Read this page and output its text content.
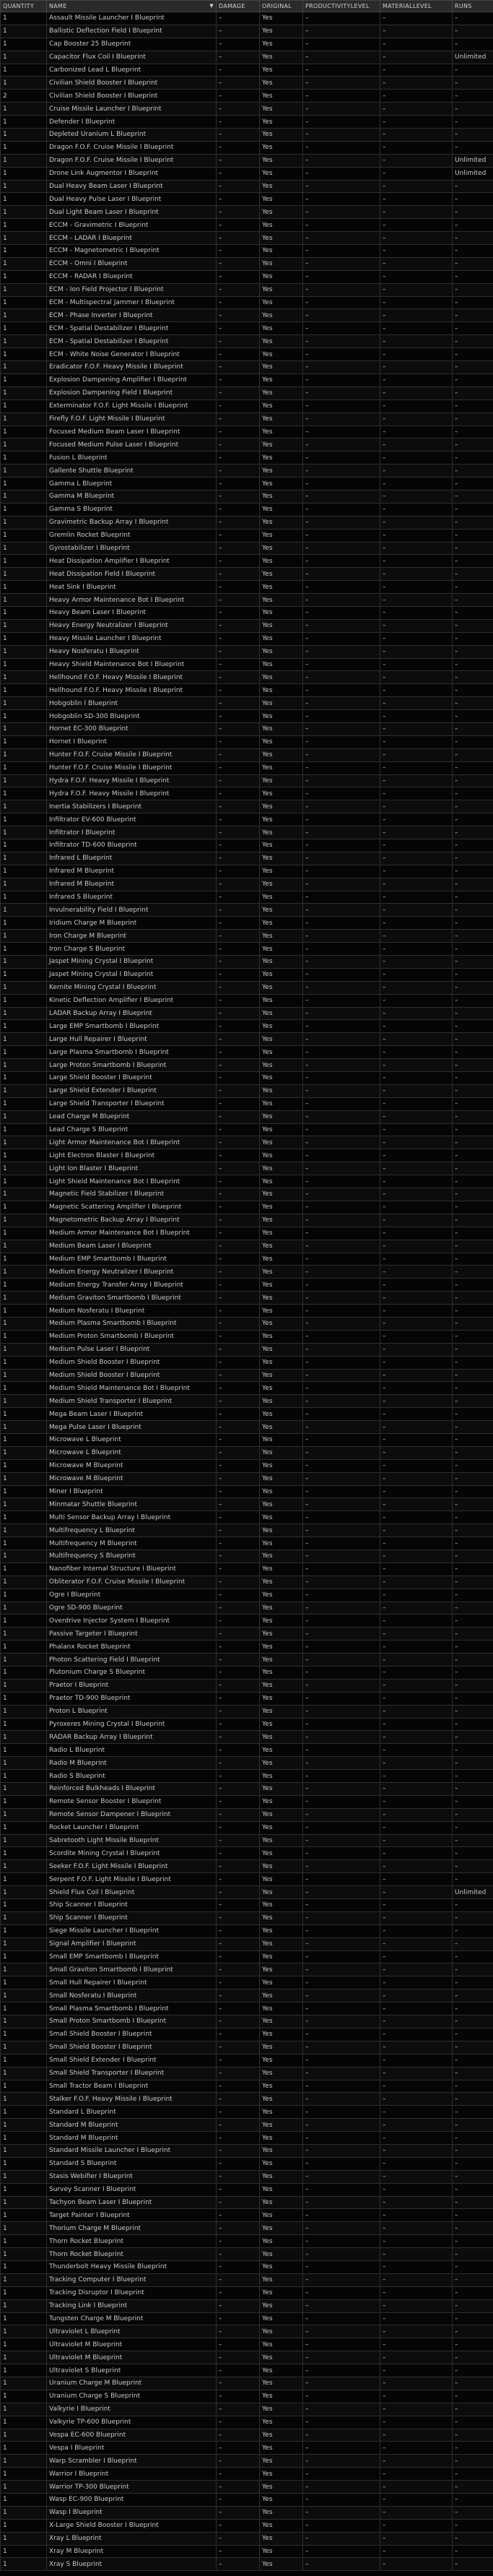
QUANTITY	NAME ▼	DAMAGE	ORIGINAL	PRODUCTIVITYLEVEL	MATERIALLEVEL	RUNS
1	Assault Missile Launcher I Blueprint	–	Yes	–	–	–
1	Ballistic Deflection Field I Blueprint	–	Yes	–	–	–
1	Cap Booster 25 Blueprint	–	Yes	–	–	–
1	Capacitor Flux Coil I Blueprint	–	Yes	–	–	Unlimited
1	Carbonized Lead L Blueprint	–	Yes	–	–	–
1	Civilian Shield Booster I Blueprint	–	Yes	–	–	–
2	Civilian Shield Booster I Blueprint	–	Yes	–	–	–
1	Cruise Missile Launcher I Blueprint	–	Yes	–	–	–
1	Defender I Blueprint	–	Yes	–	–	–
1	Depleted Uranium L Blueprint	–	Yes	–	–	–
1	Dragon F.O.F. Cruise Missile I Blueprint	–	Yes	–	–	–
1	Dragon F.O.F. Cruise Missile I Blueprint	–	Yes	–	–	Unlimited
1	Drone Link Augmentor I Blueprint	–	Yes	–	–	Unlimited
1	Dual Heavy Beam Laser I Blueprint	–	Yes	–	–	–
1	Dual Heavy Pulse Laser I Blueprint	–	Yes	–	–	–
1	Dual Light Beam Laser I Blueprint	–	Yes	–	–	–
1	ECCM - Gravimetric I Blueprint	–	Yes	–	–	–
1	ECCM - LADAR I Blueprint	–	Yes	–	–	–
1	ECCM - Magnetometric I Blueprint	–	Yes	–	–	–
1	ECCM - Omni I Blueprint	–	Yes	–	–	–
1	ECCM - RADAR I Blueprint	–	Yes	–	–	–
1	ECM - Ion Field Projector I Blueprint	–	Yes	–	–	–
1	ECM - Multispectral Jammer I Blueprint	–	Yes	–	–	–
1	ECM - Phase Inverter I Blueprint	–	Yes	–	–	–
1	ECM - Spatial Destabilizer I Blueprint	–	Yes	–	–	–
1	ECM - Spatial Destabilizer I Blueprint	–	Yes	–	–	–
1	ECM - White Noise Generator I Blueprint	–	Yes	–	–	–
1	Eradicator F.O.F. Heavy Missile I Blueprint	–	Yes	–	–	–
1	Explosion Dampening Amplifier I Blueprint	–	Yes	–	–	–
1	Explosion Dampening Field I Blueprint	–	Yes	–	–	–
1	Exterminator F.O.F. Light Missile I Blueprint	–	Yes	–	–	–
1	Firefly F.O.F. Light Missile I Blueprint	–	Yes	–	–	–
1	Focused Medium Beam Laser I Blueprint	–	Yes	–	–	–
1	Focused Medium Pulse Laser I Blueprint	–	Yes	–	–	–
1	Fusion L Blueprint	–	Yes	–	–	–
1	Gallente Shuttle Blueprint	–	Yes	–	–	–
1	Gamma L Blueprint	–	Yes	–	–	–
1	Gamma M Blueprint	–	Yes	–	–	–
1	Gamma S Blueprint	–	Yes	–	–	–
1	Gravimetric Backup Array I Blueprint	–	Yes	–	–	–
1	Gremlin Rocket Blueprint	–	Yes	–	–	–
1	Gyrostabilizer I Blueprint	–	Yes	–	–	–
1	Heat Dissipation Amplifier I Blueprint	–	Yes	–	–	–
1	Heat Dissipation Field I Blueprint	–	Yes	–	–	–
1	Heat Sink I Blueprint	–	Yes	–	–	–
1	Heavy Armor Maintenance Bot I Blueprint	–	Yes	–	–	–
1	Heavy Beam Laser I Blueprint	–	Yes	–	–	–
1	Heavy Energy Neutralizer I Blueprint	–	Yes	–	–	–
1	Heavy Missile Launcher I Blueprint	–	Yes	–	–	–
1	Heavy Nosferatu I Blueprint	–	Yes	–	–	–
1	Heavy Shield Maintenance Bot I Blueprint	–	Yes	–	–	–
1	Hellhound F.O.F. Heavy Missile I Blueprint	–	Yes	–	–	–
1	Hellhound F.O.F. Heavy Missile I Blueprint	–	Yes	–	–	–
1	Hobgoblin I Blueprint	–	Yes	–	–	–
1	Hobgoblin SD-300 Blueprint	–	Yes	–	–	–
1	Hornet EC-300 Blueprint	–	Yes	–	–	–
1	Hornet I Blueprint	–	Yes	–	–	–
1	Hunter F.O.F. Cruise Missile I Blueprint	–	Yes	–	–	–
1	Hunter F.O.F. Cruise Missile I Blueprint	–	Yes	–	–	–
1	Hydra F.O.F. Heavy Missile I Blueprint	–	Yes	–	–	–
1	Hydra F.O.F. Heavy Missile I Blueprint	–	Yes	–	–	–
1	Inertia Stabilizers I Blueprint	–	Yes	–	–	–
1	Infiltrator EV-600 Blueprint	–	Yes	–	–	–
1	Infiltrator I Blueprint	–	Yes	–	–	–
1	Infiltrator TD-600 Blueprint	–	Yes	–	–	–
1	Infrared L Blueprint	–	Yes	–	–	–
1	Infrared M Blueprint	–	Yes	–	–	–
1	Infrared M Blueprint	–	Yes	–	–	–
1	Infrared S Blueprint	–	Yes	–	–	–
1	Invulnerability Field I Blueprint	–	Yes	–	–	–
1	Iridium Charge M Blueprint	–	Yes	–	–	–
1	Iron Charge M Blueprint	–	Yes	–	–	–
1	Iron Charge S Blueprint	–	Yes	–	–	–
1	Jaspet Mining Crystal I Blueprint	–	Yes	–	–	–
1	Jaspet Mining Crystal I Blueprint	–	Yes	–	–	–
1	Kernite Mining Crystal I Blueprint	–	Yes	–	–	–
1	Kinetic Deflection Amplifier I Blueprint	–	Yes	–	–	–
1	LADAR Backup Array I Blueprint	–	Yes	–	–	–
1	Large EMP Smartbomb I Blueprint	–	Yes	–	–	–
1	Large Hull Repairer I Blueprint	–	Yes	–	–	–
1	Large Plasma Smartbomb I Blueprint	–	Yes	–	–	–
1	Large Proton Smartbomb I Blueprint	–	Yes	–	–	–
1	Large Shield Booster I Blueprint	–	Yes	–	–	–
1	Large Shield Extender I Blueprint	–	Yes	–	–	–
1	Large Shield Transporter I Blueprint	–	Yes	–	–	–
1	Lead Charge M Blueprint	–	Yes	–	–	–
1	Lead Charge S Blueprint	–	Yes	–	–	–
1	Light Armor Maintenance Bot I Blueprint	–	Yes	–	–	–
1	Light Electron Blaster I Blueprint	–	Yes	–	–	–
1	Light Ion Blaster I Blueprint	–	Yes	–	–	–
1	Light Shield Maintenance Bot I Blueprint	–	Yes	–	–	–
1	Magnetic Field Stabilizer I Blueprint	–	Yes	–	–	–
1	Magnetic Scattering Amplifier I Blueprint	–	Yes	–	–	–
1	Magnetometric Backup Array I Blueprint	–	Yes	–	–	–
1	Medium Armor Maintenance Bot I Blueprint	–	Yes	–	–	–
1	Medium Beam Laser I Blueprint	–	Yes	–	–	–
1	Medium EMP Smartbomb I Blueprint	–	Yes	–	–	–
1	Medium Energy Neutralizer I Blueprint	–	Yes	–	–	–
1	Medium Energy Transfer Array I Blueprint	–	Yes	–	–	–
1	Medium Graviton Smartbomb I Blueprint	–	Yes	–	–	–
1	Medium Nosferatu I Blueprint	–	Yes	–	–	–
1	Medium Plasma Smartbomb I Blueprint	–	Yes	–	–	–
1	Medium Proton Smartbomb I Blueprint	–	Yes	–	–	–
1	Medium Pulse Laser I Blueprint	–	Yes	–	–	–
1	Medium Shield Booster I Blueprint	–	Yes	–	–	–
1	Medium Shield Booster I Blueprint	–	Yes	–	–	–
1	Medium Shield Maintenance Bot I Blueprint	–	Yes	–	–	–
1	Medium Shield Transporter I Blueprint	–	Yes	–	–	–
1	Mega Beam Laser I Blueprint	–	Yes	–	–	–
1	Mega Pulse Laser I Blueprint	–	Yes	–	–	–
1	Microwave L Blueprint	–	Yes	–	–	–
1	Microwave L Blueprint	–	Yes	–	–	–
1	Microwave M Blueprint	–	Yes	–	–	–
1	Microwave M Blueprint	–	Yes	–	–	–
1	Miner I Blueprint	–	Yes	–	–	–
1	Minmatar Shuttle Blueprint	–	Yes	–	–	–
1	Multi Sensor Backup Array I Blueprint	–	Yes	–	–	–
1	Multifrequency L Blueprint	–	Yes	–	–	–
1	Multifrequency M Blueprint	–	Yes	–	–	–
1	Multifrequency S Blueprint	–	Yes	–	–	–
1	Nanofiber Internal Structure I Blueprint	–	Yes	–	–	–
1	Obliterator F.O.F. Cruise Missile I Blueprint	–	Yes	–	–	–
1	Ogre I Blueprint	–	Yes	–	–	–
1	Ogre SD-900 Blueprint	–	Yes	–	–	–
1	Overdrive Injector System I Blueprint	–	Yes	–	–	–
1	Passive Targeter I Blueprint	–	Yes	–	–	–
1	Phalanx Rocket Blueprint	–	Yes	–	–	–
1	Photon Scattering Field I Blueprint	–	Yes	–	–	–
1	Plutonium Charge S Blueprint	–	Yes	–	–	–
1	Praetor I Blueprint	–	Yes	–	–	–
1	Praetor TD-900 Blueprint	–	Yes	–	–	–
1	Proton L Blueprint	–	Yes	–	–	–
1	Pyroxeres Mining Crystal I Blueprint	–	Yes	–	–	–
1	RADAR Backup Array I Blueprint	–	Yes	–	–	–
1	Radio L Blueprint	–	Yes	–	–	–
1	Radio M Blueprint	–	Yes	–	–	–
1	Radio S Blueprint	–	Yes	–	–	–
1	Reinforced Bulkheads I Blueprint	–	Yes	–	–	–
1	Remote Sensor Booster I Blueprint	–	Yes	–	–	–
1	Remote Sensor Dampener I Blueprint	–	Yes	–	–	–
1	Rocket Launcher I Blueprint	–	Yes	–	–	–
1	Sabretooth Light Missile Blueprint	–	Yes	–	–	–
1	Scordite Mining Crystal I Blueprint	–	Yes	–	–	–
1	Seeker F.O.F. Light Missile I Blueprint	–	Yes	–	–	–
1	Serpent F.O.F. Light Missile I Blueprint	–	Yes	–	–	–
1	Shield Flux Coil I Blueprint	–	Yes	–	–	Unlimited
1	Ship Scanner I Blueprint	–	Yes	–	–	–
1	Ship Scanner I Blueprint	–	Yes	–	–	–
1	Siege Missile Launcher I Blueprint	–	Yes	–	–	–
1	Signal Amplifier I Blueprint	–	Yes	–	–	–
1	Small EMP Smartbomb I Blueprint	–	Yes	–	–	–
1	Small Graviton Smartbomb I Blueprint	–	Yes	–	–	–
1	Small Hull Repairer I Blueprint	–	Yes	–	–	–
1	Small Nosferatu I Blueprint	–	Yes	–	–	–
1	Small Plasma Smartbomb I Blueprint	–	Yes	–	–	–
1	Small Proton Smartbomb I Blueprint	–	Yes	–	–	–
1	Small Shield Booster I Blueprint	–	Yes	–	–	–
1	Small Shield Booster I Blueprint	–	Yes	–	–	–
1	Small Shield Extender I Blueprint	–	Yes	–	–	–
1	Small Shield Transporter I Blueprint	–	Yes	–	–	–
1	Small Tractor Beam I Blueprint	–	Yes	–	–	–
1	Stalker F.O.F. Heavy Missile I Blueprint	–	Yes	–	–	–
1	Standard L Blueprint	–	Yes	–	–	–
1	Standard M Blueprint	–	Yes	–	–	–
1	Standard M Blueprint	–	Yes	–	–	–
1	Standard Missile Launcher I Blueprint	–	Yes	–	–	–
1	Standard S Blueprint	–	Yes	–	–	–
1	Stasis Webifier I Blueprint	–	Yes	–	–	–
1	Survey Scanner I Blueprint	–	Yes	–	–	–
1	Tachyon Beam Laser I Blueprint	–	Yes	–	–	–
1	Target Painter I Blueprint	–	Yes	–	–	–
1	Thorium Charge M Blueprint	–	Yes	–	–	–
1	Thorn Rocket Blueprint	–	Yes	–	–	–
1	Thorn Rocket Blueprint	–	Yes	–	–	–
1	Thunderbolt Heavy Missile Blueprint	–	Yes	–	–	–
1	Tracking Computer I Blueprint	–	Yes	–	–	–
1	Tracking Disruptor I Blueprint	–	Yes	–	–	–
1	Tracking Link I Blueprint	–	Yes	–	–	–
1	Tungsten Charge M Blueprint	–	Yes	–	–	–
1	Ultraviolet L Blueprint	–	Yes	–	–	–
1	Ultraviolet M Blueprint	–	Yes	–	–	–
1	Ultraviolet M Blueprint	–	Yes	–	–	–
1	Ultraviolet S Blueprint	–	Yes	–	–	–
1	Uranium Charge M Blueprint	–	Yes	–	–	–
1	Uranium Charge S Blueprint	–	Yes	–	–	–
1	Valkyrie I Blueprint	–	Yes	–	–	–
1	Valkyrie TP-600 Blueprint	–	Yes	–	–	–
1	Vespa EC-600 Blueprint	–	Yes	–	–	–
1	Vespa I Blueprint	–	Yes	–	–	–
1	Warp Scrambler I Blueprint	–	Yes	–	–	–
1	Warrior I Blueprint	–	Yes	–	–	–
1	Warrior TP-300 Blueprint	–	Yes	–	–	–
1	Wasp EC-900 Blueprint	–	Yes	–	–	–
1	Wasp I Blueprint	–	Yes	–	–	–
1	X-Large Shield Booster I Blueprint	–	Yes	–	–	–
1	Xray L Blueprint	–	Yes	–	–	–
1	Xray M Blueprint	–	Yes	–	–	–
1	Xray S Blueprint	–	Yes	–	–	–
